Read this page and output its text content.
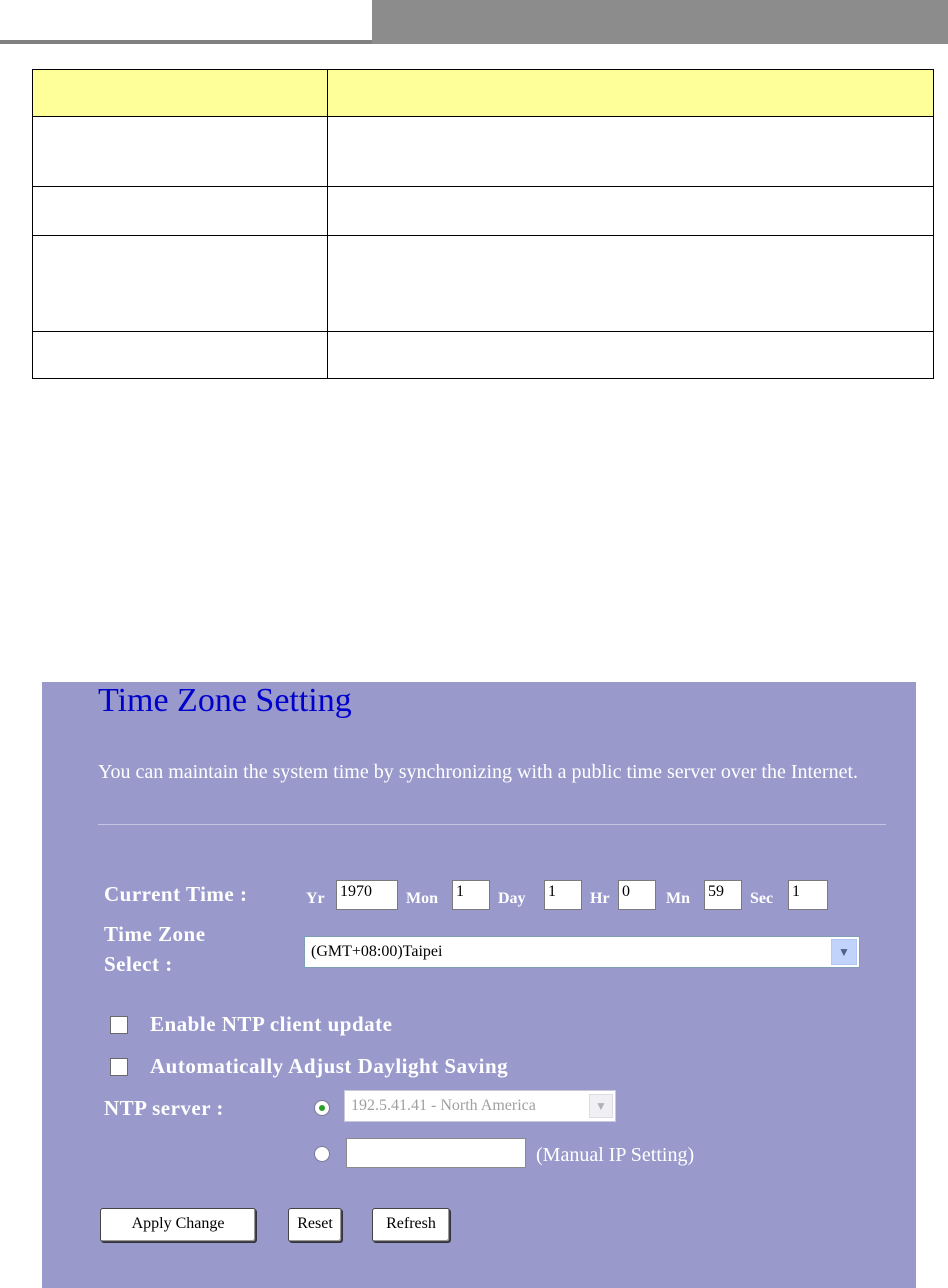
Time Zone Setting
You can maintain the system time by synchronizing with a public time server over the Internet.
Current Time :	Yr 1970	Mon 1	Day 1	Hr 0	Mn 59	Sec 1
Time Zone
Select :
(GMT+08:00)Taipei	▼
Enable NTP client update
Automatically Adjust Daylight Saving
NTP server :	192.5.41.41 - North America	▼
(Manual IP Setting)
Apply Change	Reset	Refresh
